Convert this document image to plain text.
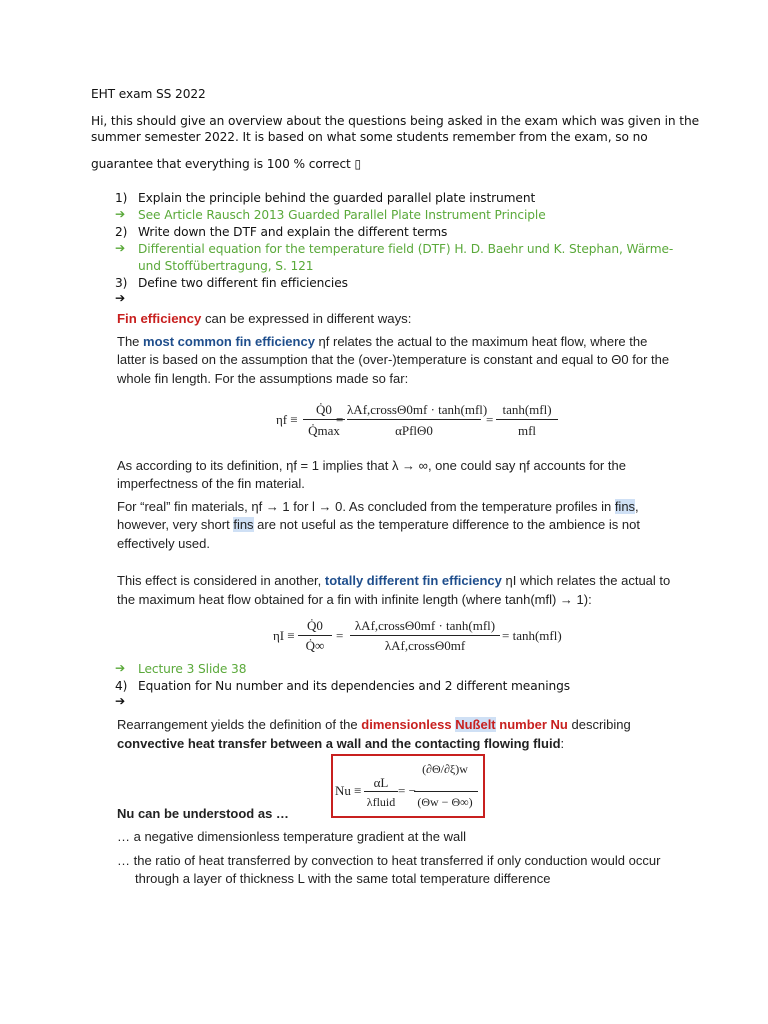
EHT exam SS 2022
Hi, this should give an overview about the questions being asked in the exam which was given in the
summer semester 2022. It is based on what some students remember from the exam, so no
guarantee that everything is 100 % correct ▯
1) Explain the principle behind the guarded parallel plate instrument
➔ See Article Rausch 2013 Guarded Parallel Plate Instrument Principle
2) Write down the DTF and explain the different terms
➔ Differential equation for the temperature field (DTF) H. D. Baehr und K. Stephan, Wärme-
und Stoffübertragung, S. 121
3) Define two different fin efficiencies
➔
Fin efficiency can be expressed in different ways:
The most common fin efficiency ηf relates the actual to the maximum heat flow, where the
latter is based on the assumption that the (over-)temperature is constant and equal to Θ0 for the
whole fin length. For the assumptions made so far:
ηf ≡
Q̇0
Q̇max
=
λAf,crossΘ0mf · tanh(mfl)
αPflΘ0
=
tanh(mfl)
mfl
As according to its definition, ηf = 1 implies that λ → ∞, one could say ηf accounts for the
imperfectness of the fin material.
For “real” fin materials, ηf → 1 for l → 0. As concluded from the temperature profiles in fins,
however, very short fins are not useful as the temperature difference to the ambience is not
effectively used.
This effect is considered in another, totally different fin efficiency ηI which relates the actual to
the maximum heat flow obtained for a fin with infinite length (where tanh(mfl) → 1):
ηI ≡
Q̇0
Q̇∞
=
λAf,crossΘ0mf · tanh(mfl)
λAf,crossΘ0mf
= tanh(mfl)
➔ Lecture 3 Slide 38
4) Equation for Nu number and its dependencies and 2 different meanings
➔
Rearrangement yields the definition of the dimensionless Nußelt number Nu describing
convective heat transfer between a wall and the contacting flowing fluid:
Nu ≡
αL
λfluid
= −
(∂Θ/∂ξ)w
(Θw − Θ∞)
Nu can be understood as …
… a negative dimensionless temperature gradient at the wall
… the ratio of heat transferred by convection to heat transferred if only conduction would occur
through a layer of thickness L with the same total temperature difference
